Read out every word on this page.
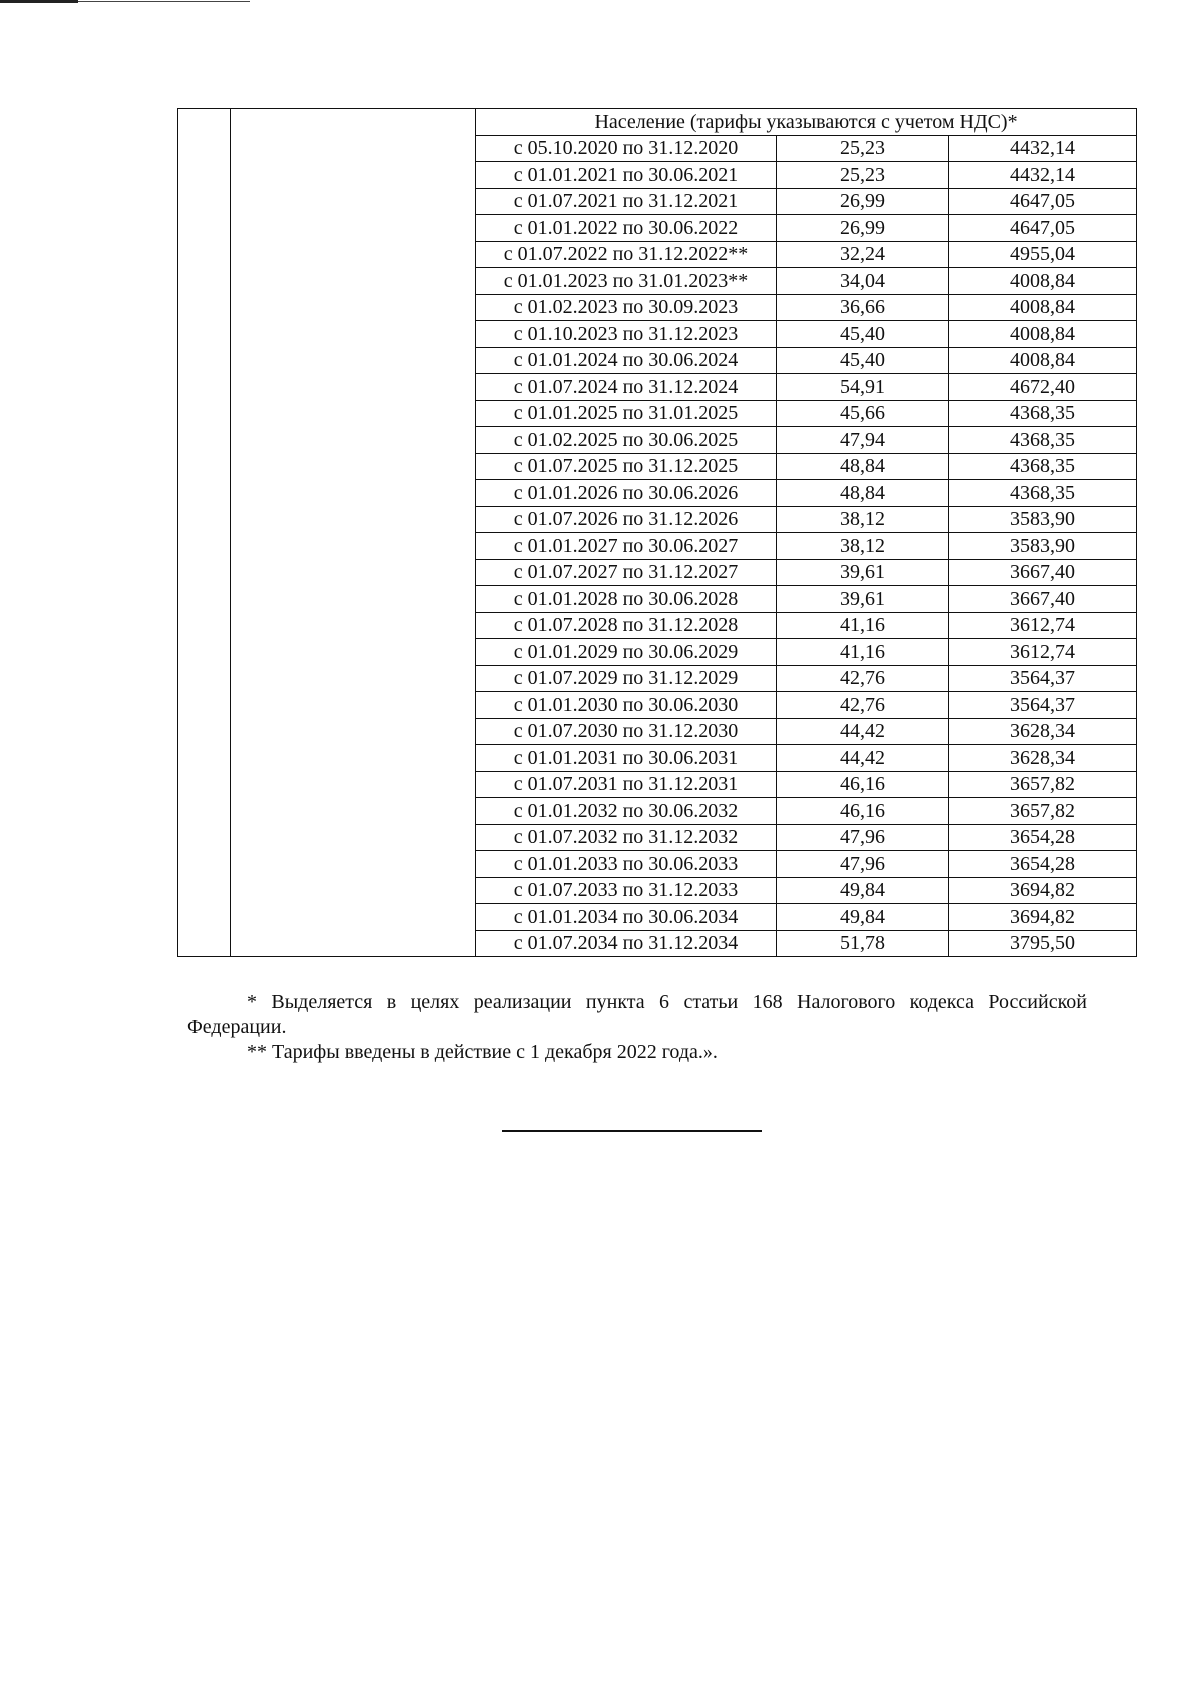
		Население (тарифы указываются с учетом НДС)*		
		с 05.10.2020 по 31.12.2020	25,23	4432,14
		с 01.01.2021 по 30.06.2021	25,23	4432,14
		с 01.07.2021 по 31.12.2021	26,99	4647,05
		с 01.01.2022 по 30.06.2022	26,99	4647,05
		с 01.07.2022 по 31.12.2022**	32,24	4955,04
		с 01.01.2023 по 31.01.2023**	34,04	4008,84
		с 01.02.2023 по 30.09.2023	36,66	4008,84
		с 01.10.2023 по 31.12.2023	45,40	4008,84
		с 01.01.2024 по 30.06.2024	45,40	4008,84
		с 01.07.2024 по 31.12.2024	54,91	4672,40
		с 01.01.2025 по 31.01.2025	45,66	4368,35
		с 01.02.2025 по 30.06.2025	47,94	4368,35
		с 01.07.2025 по 31.12.2025	48,84	4368,35
		с 01.01.2026 по 30.06.2026	48,84	4368,35
		с 01.07.2026 по 31.12.2026	38,12	3583,90
		с 01.01.2027 по 30.06.2027	38,12	3583,90
		с 01.07.2027 по 31.12.2027	39,61	3667,40
		с 01.01.2028 по 30.06.2028	39,61	3667,40
		с 01.07.2028 по 31.12.2028	41,16	3612,74
		с 01.01.2029 по 30.06.2029	41,16	3612,74
		с 01.07.2029 по 31.12.2029	42,76	3564,37
		с 01.01.2030 по 30.06.2030	42,76	3564,37
		с 01.07.2030 по 31.12.2030	44,42	3628,34
		с 01.01.2031 по 30.06.2031	44,42	3628,34
		с 01.07.2031 по 31.12.2031	46,16	3657,82
		с 01.01.2032 по 30.06.2032	46,16	3657,82
		с 01.07.2032 по 31.12.2032	47,96	3654,28
		с 01.01.2033 по 30.06.2033	47,96	3654,28
		с 01.07.2033 по 31.12.2033	49,84	3694,82
		с 01.01.2034 по 30.06.2034	49,84	3694,82
		с 01.07.2034 по 31.12.2034	51,78	3795,50

* Выделяется в целях реализации пункта 6 статьи 168 Налогового кодекса Российской Федерации.

** Тарифы введены в действие с 1 декабря 2022 года.».
